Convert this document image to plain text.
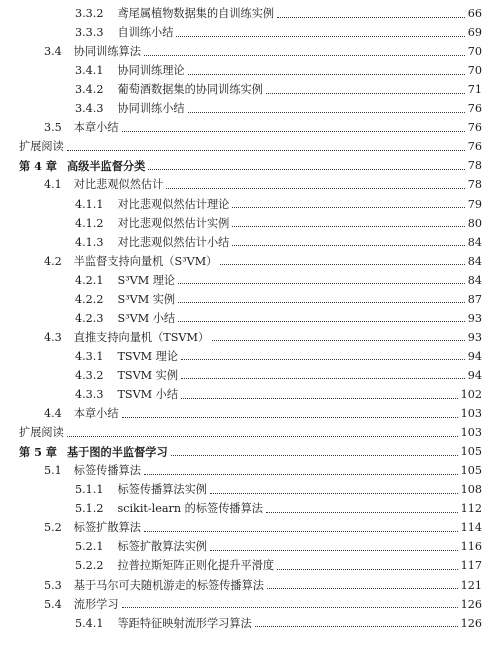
3.3.2 鸢尾属植物数据集的自训练实例	66
3.3.3 自训练小结	69
3.4 协同训练算法	70
3.4.1 协同训练理论	70
3.4.2 葡萄酒数据集的协同训练实例	71
3.4.3 协同训练小结	76
3.5 本章小结	76
扩展阅读	76
第 4 章 高级半监督分类	78
4.1 对比悲观似然估计	78
4.1.1 对比悲观似然估计理论	79
4.1.2 对比悲观似然估计实例	80
4.1.3 对比悲观似然估计小结	84
4.2 半监督支持向量机（S³VM）	84
4.2.1 S³VM 理论	84
4.2.2 S³VM 实例	87
4.2.3 S³VM 小结	93
4.3 直推支持向量机（TSVM）	93
4.3.1 TSVM 理论	94
4.3.2 TSVM 实例	94
4.3.3 TSVM 小结	102
4.4 本章小结	103
扩展阅读	103
第 5 章 基于图的半监督学习	105
5.1 标签传播算法	105
5.1.1 标签传播算法实例	108
5.1.2 scikit-learn 的标签传播算法	112
5.2 标签扩散算法	114
5.2.1 标签扩散算法实例	116
5.2.2 拉普拉斯矩阵正则化提升平滑度	117
5.3 基于马尔可夫随机游走的标签传播算法	121
5.4 流形学习	126
5.4.1 等距特征映射流形学习算法	126
